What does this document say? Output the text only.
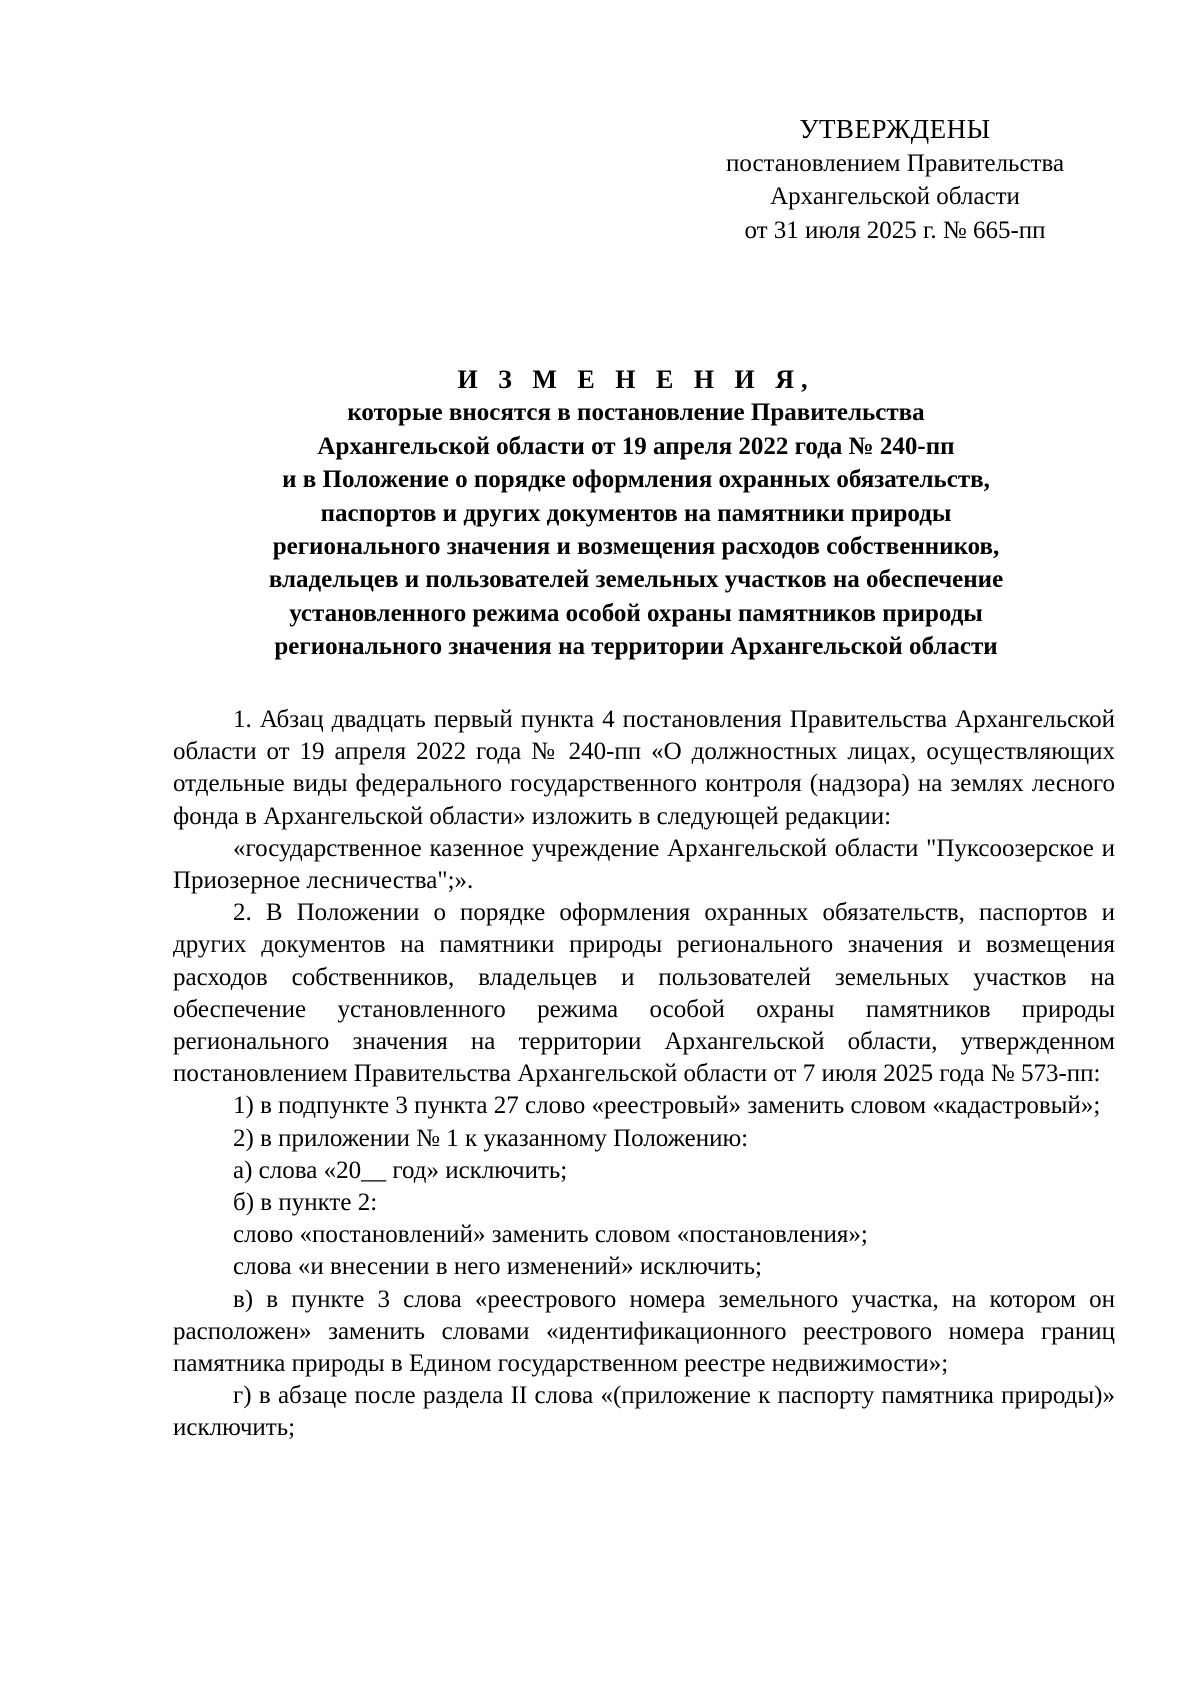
УТВЕРЖДЕНЫ
постановлением Правительства
Архангельской области
от 31 июля 2025 г. № 665-пп
И З М Е Н Е Н И Я,
которые вносятся в постановление Правительства
Архангельской области от 19 апреля 2022 года № 240-пп
и в Положение о порядке оформления охранных обязательств,
паспортов и других документов на памятники природы
регионального значения и возмещения расходов собственников,
владельцев и пользователей земельных участков на обеспечение
установленного режима особой охраны памятников природы
регионального значения на территории Архангельской области

1. Абзац двадцать первый пункта 4 постановления Правительства Архангельской области от 19 апреля 2022 года № 240-пп «О должностных лицах, осуществляющих отдельные виды федерального государственного контроля (надзора) на землях лесного фонда в Архангельской области» изложить в следующей редакции:

«государственное казенное учреждение Архангельской области "Пуксоозерское и Приозерное лесничества";».

2. В Положении о порядке оформления охранных обязательств, паспортов и других документов на памятники природы регионального значения и возмещения расходов собственников, владельцев и пользователей земельных участков на обеспечение установленного режима особой охраны памятников природы регионального значения на территории Архангельской области, утвержденном постановлением Правительства Архангельской области от 7 июля 2025 года № 573-пп:

1) в подпункте 3 пункта 27 слово «реестровый» заменить словом «кадастровый»;

2) в приложении № 1 к указанному Положению:

а) слова «20__ год» исключить;

б) в пункте 2:

слово «постановлений» заменить словом «постановления»;

слова «и внесении в него изменений» исключить;

в) в пункте 3 слова «реестрового номера земельного участка, на котором он расположен» заменить словами «идентификационного реестрового номера границ памятника природы в Едином государственном реестре недвижимости»;

г) в абзаце после раздела II слова «(приложение к паспорту памятника природы)» исключить;
